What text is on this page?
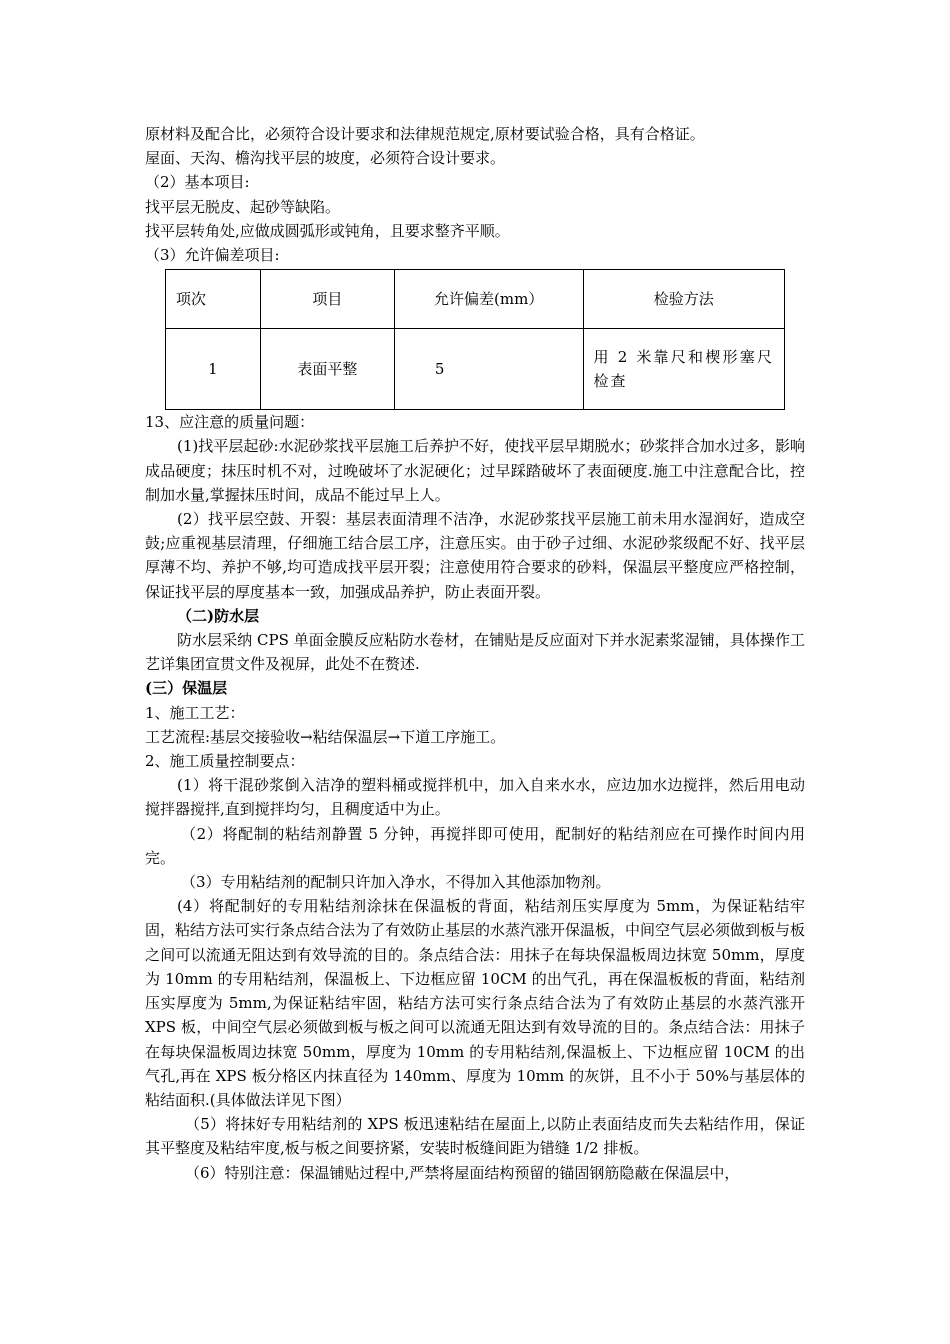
原材料及配合比，必须符合设计要求和法律规范规定,原材要试验合格，具有合格证。

屋面、天沟、檐沟找平层的坡度，必须符合设计要求。

（2）基本项目:

找平层无脱皮、起砂等缺陷。

找平层转角处,应做成圆弧形或钝角，且要求整齐平顺。

（3）允许偏差项目:

项次	项目	允许偏差(mm）	检验方法
1	表面平整	5	用 2 米靠尺和楔形塞尺检查

13、应注意的质量问题：

(1)找平层起砂:水泥砂浆找平层施工后养护不好，使找平层早期脱水；砂浆拌合加水过多，影响成品硬度；抹压时机不对，过晚破坏了水泥硬化；过早踩踏破坏了表面硬度.施工中注意配合比，控制加水量,掌握抹压时间，成品不能过早上人。

(2）找平层空鼓、开裂：基层表面清理不洁净，水泥砂浆找平层施工前未用水湿润好，造成空鼓;应重视基层清理，仔细施工结合层工序，注意压实。由于砂子过细、水泥砂浆级配不好、找平层厚薄不均、养护不够,均可造成找平层开裂；注意使用符合要求的砂料，保温层平整度应严格控制，保证找平层的厚度基本一致，加强成品养护，防止表面开裂。

（二)防水层

防水层采纳 CPS 单面金膜反应粘防水卷材，在铺贴是反应面对下并水泥素浆湿铺，具体操作工艺详集团宣贯文件及视屏，此处不在赘述.

(三）保温层

1、施工工艺：

工艺流程:基层交接验收→粘结保温层→下道工序施工。

2、施工质量控制要点：

(1）将干混砂浆倒入洁净的塑料桶或搅拌机中，加入自来水水，应边加水边搅拌，然后用电动搅拌器搅拌,直到搅拌均匀，且稠度适中为止。

（2）将配制的粘结剂静置 5 分钟，再搅拌即可使用，配制好的粘结剂应在可操作时间内用完。

（3）专用粘结剂的配制只许加入净水，不得加入其他添加物剂。

(4）将配制好的专用粘结剂涂抹在保温板的背面，粘结剂压实厚度为 5mm，为保证粘结牢固，粘结方法可实行条点结合法为了有效防止基层的水蒸汽涨开保温板，中间空气层必须做到板与板之间可以流通无阻达到有效导流的目的。条点结合法：用抹子在每块保温板周边抹宽 50mm，厚度为 10mm 的专用粘结剂，保温板上、下边框应留 10CM 的出气孔，再在保温板板的背面，粘结剂压实厚度为 5mm,为保证粘结牢固，粘结方法可实行条点结合法为了有效防止基层的水蒸汽涨开 XPS 板，中间空气层必须做到板与板之间可以流通无阻达到有效导流的目的。条点结合法：用抹子在每块保温板周边抹宽 50mm，厚度为 10mm 的专用粘结剂,保温板上、下边框应留 10CM 的出气孔,再在 XPS 板分格区内抹直径为 140mm、厚度为 10mm 的灰饼，且不小于 50%与基层体的粘结面积.(具体做法详见下图）

（5）将抹好专用粘结剂的 XPS 板迅速粘结在屋面上,以防止表面结皮而失去粘结作用，保证其平整度及粘结牢度,板与板之间要挤紧，安装时板缝间距为错缝 1/2 排板。

（6）特别注意：保温铺贴过程中,严禁将屋面结构预留的锚固钢筋隐蔽在保温层中，
